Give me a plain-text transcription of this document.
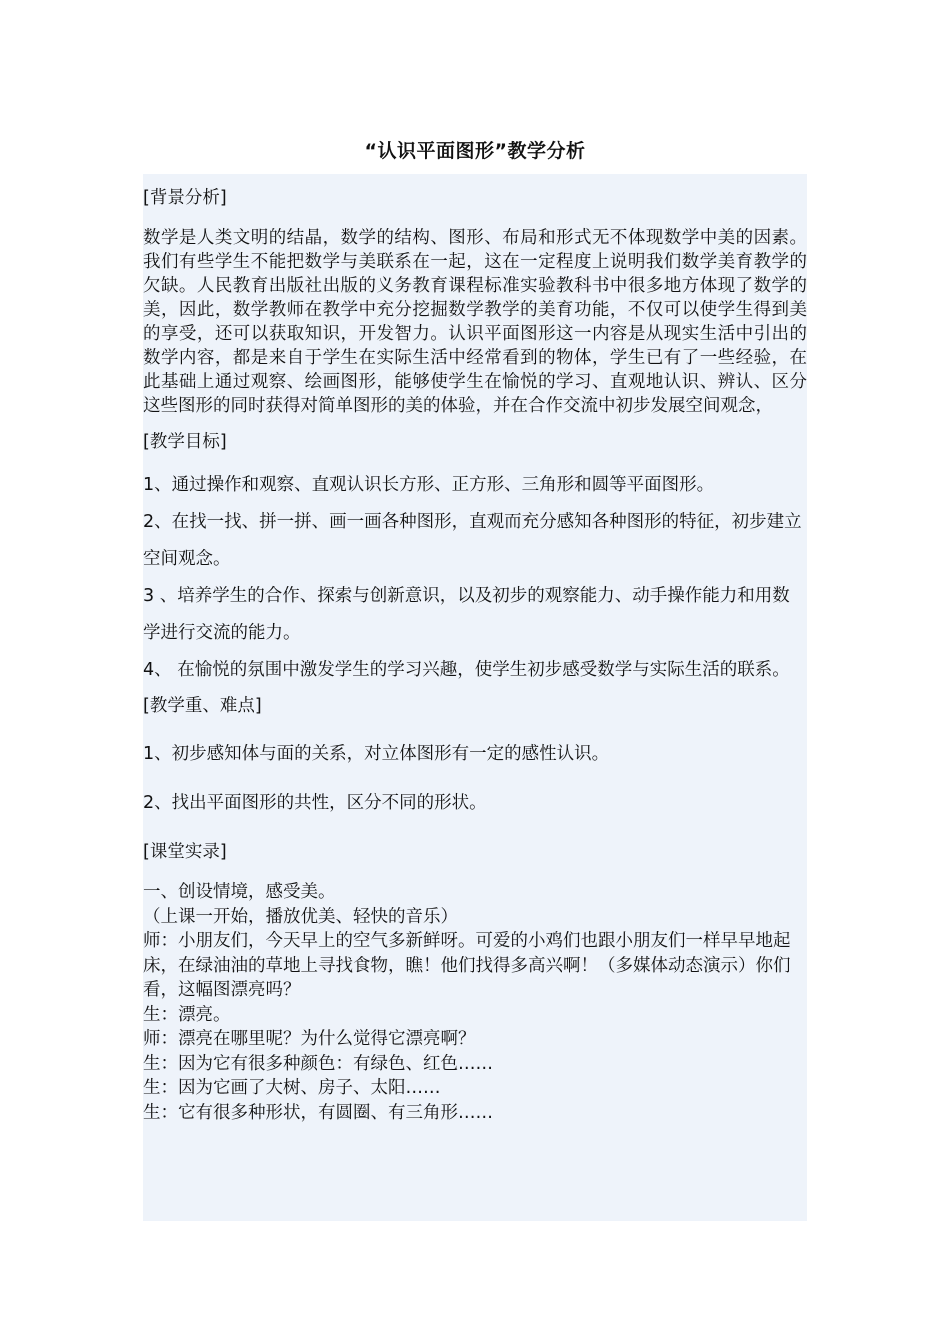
“认识平面图形”教学分析

[背景分析]

数学是人类文明的结晶，数学的结构、图形、布局和形式无不体现数学中美的因素。我们有些学生不能把数学与美联系在一起，这在一定程度上说明我们数学美育教学的欠缺。人民教育出版社出版的义务教育课程标准实验教科书中很多地方体现了数学的美，因此，数学教师在教学中充分挖掘数学教学的美育功能，不仅可以使学生得到美的享受，还可以获取知识，开发智力。认识平面图形这一内容是从现实生活中引出的数学内容，都是来自于学生在实际生活中经常看到的物体，学生已有了一些经验，在此基础上通过观察、绘画图形，能够使学生在愉悦的学习、直观地认识、辨认、区分这些图形的同时获得对简单图形的美的体验，并在合作交流中初步发展空间观念，

[教学目标]

1、通过操作和观察、直观认识长方形、正方形、三角形和圆等平面图形。

2、在找一找、拼一拼、画一画各种图形，直观而充分感知各种图形的特征，初步建立空间观念。

3 、培养学生的合作、探索与创新意识，以及初步的观察能力、动手操作能力和用数学进行交流的能力。

4、 在愉悦的氛围中激发学生的学习兴趣，使学生初步感受数学与实际生活的联系。

[教学重、难点]

1、初步感知体与面的关系，对立体图形有一定的感性认识。

2、找出平面图形的共性，区分不同的形状。

[课堂实录]

一、创设情境，感受美。

（上课一开始，播放优美、轻快的音乐）

师：小朋友们，今天早上的空气多新鲜呀。可爱的小鸡们也跟小朋友们一样早早地起床，在绿油油的草地上寻找食物，瞧！他们找得多高兴啊！（多媒体动态演示）你们看，这幅图漂亮吗？

生：漂亮。

师：漂亮在哪里呢？为什么觉得它漂亮啊？

生：因为它有很多种颜色：有绿色、红色……

生：因为它画了大树、房子、太阳……

生：它有很多种形状，有圆圈、有三角形……
